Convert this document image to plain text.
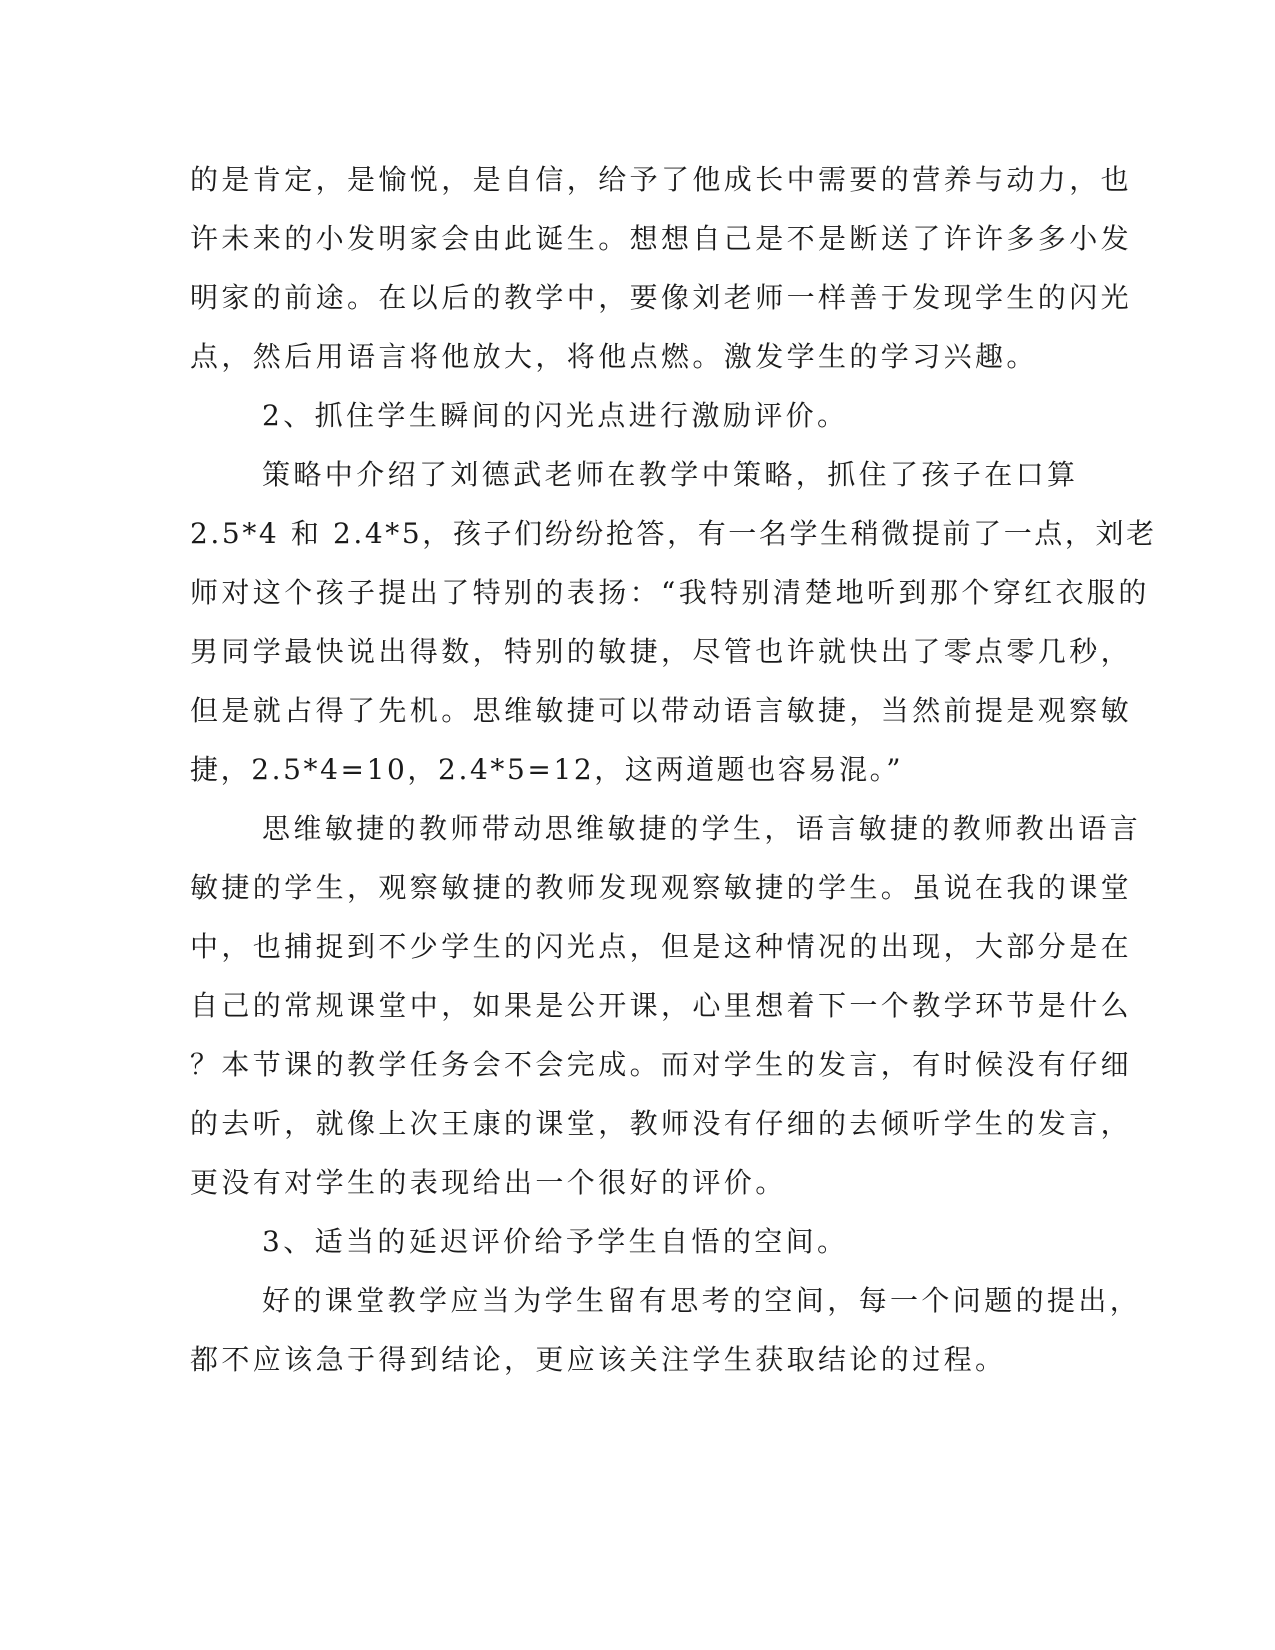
的是肯定，是愉悦，是自信，给予了他成长中需要的营养与动力，也
许未来的小发明家会由此诞生。想想自己是不是断送了许许多多小发
明家的前途。在以后的教学中，要像刘老师一样善于发现学生的闪光
点，然后用语言将他放大，将他点燃。激发学生的学习兴趣。
2、抓住学生瞬间的闪光点进行激励评价。
策略中介绍了刘德武老师在教学中策略，抓住了孩子在口算
2.5*4 和 2.4*5，孩子们纷纷抢答，有一名学生稍微提前了一点，刘老
师对这个孩子提出了特别的表扬：“我特别清楚地听到那个穿红衣服的
男同学最快说出得数，特别的敏捷，尽管也许就快出了零点零几秒，
但是就占得了先机。思维敏捷可以带动语言敏捷，当然前提是观察敏
捷，2.5*4=10，2.4*5=12，这两道题也容易混。”
思维敏捷的教师带动思维敏捷的学生，语言敏捷的教师教出语言
敏捷的学生，观察敏捷的教师发现观察敏捷的学生。虽说在我的课堂
中，也捕捉到不少学生的闪光点，但是这种情况的出现，大部分是在
自己的常规课堂中，如果是公开课，心里想着下一个教学环节是什么
？本节课的教学任务会不会完成。而对学生的发言，有时候没有仔细
的去听，就像上次王康的课堂，教师没有仔细的去倾听学生的发言，
更没有对学生的表现给出一个很好的评价。
3、适当的延迟评价给予学生自悟的空间。
好的课堂教学应当为学生留有思考的空间，每一个问题的提出，
都不应该急于得到结论，更应该关注学生获取结论的过程。
